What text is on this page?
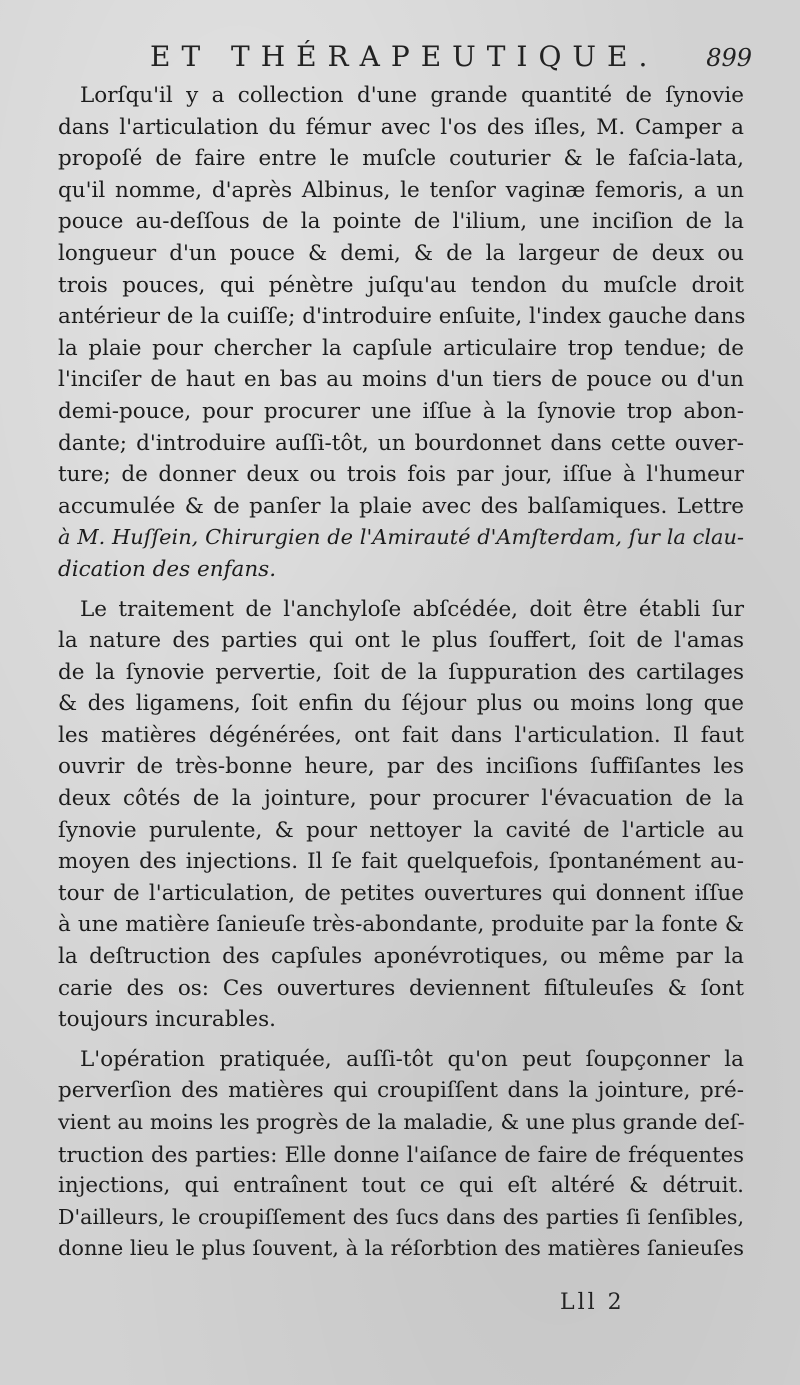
ET THÉRAPEUTIQUE. 899
Lorſqu'il y a collection d'une grande quantité de ſynovie
dans l'articulation du fémur avec l'os des iſles, M. Camper a
propoſé de faire entre le muſcle couturier & le faſcia-lata,
qu'il nomme, d'après Albinus, le tenſor vaginæ femoris, a un
pouce au-deſſous de la pointe de l'ilium, une inciſion de la
longueur d'un pouce & demi, & de la largeur de deux ou
trois pouces, qui pénètre juſqu'au tendon du muſcle droit
antérieur de la cuiſſe; d'introduire enſuite, l'index gauche dans
la plaie pour chercher la capſule articulaire trop tendue; de
l'inciſer de haut en bas au moins d'un tiers de pouce ou d'un
demi-pouce, pour procurer une iſſue à la ſynovie trop abon-
dante; d'introduire auſſi-tôt, un bourdonnet dans cette ouver-
ture; de donner deux ou trois fois par jour, iſſue à l'humeur
accumulée & de panſer la plaie avec des balſamiques. Lettre
à M. Huſſein, Chirurgien de l'Amirauté d'Amſterdam, ſur la clau-
dication des enfans.
Le traitement de l'anchyloſe abſcédée, doit être établi ſur
la nature des parties qui ont le plus ſouffert, ſoit de l'amas
de la ſynovie pervertie, ſoit de la ſuppuration des cartilages
& des ligamens, ſoit enfin du ſéjour plus ou moins long que
les matières dégénérées, ont fait dans l'articulation. Il faut
ouvrir de très-bonne heure, par des inciſions ſuffiſantes les
deux côtés de la jointure, pour procurer l'évacuation de la
ſynovie purulente, & pour nettoyer la cavité de l'article au
moyen des injections. Il ſe fait quelquefois, ſpontanément au-
tour de l'articulation, de petites ouvertures qui donnent iſſue
à une matière ſanieuſe très-abondante, produite par la fonte &
la deſtruction des capſules aponévrotiques, ou même par la
carie des os: Ces ouvertures deviennent fiſtuleuſes & ſont
toujours incurables.
L'opération pratiquée, auſſi-tôt qu'on peut ſoupçonner la
perverſion des matières qui croupiſſent dans la jointure, pré-
vient au moins les progrès de la maladie, & une plus grande deſ-
truction des parties: Elle donne l'aiſance de faire de fréquentes
injections, qui entraînent tout ce qui eſt altéré & détruit.
D'ailleurs, le croupiſſement des ſucs dans des parties ſi ſenſibles,
donne lieu le plus ſouvent, à la réſorbtion des matières ſanieuſes
Lll 2
